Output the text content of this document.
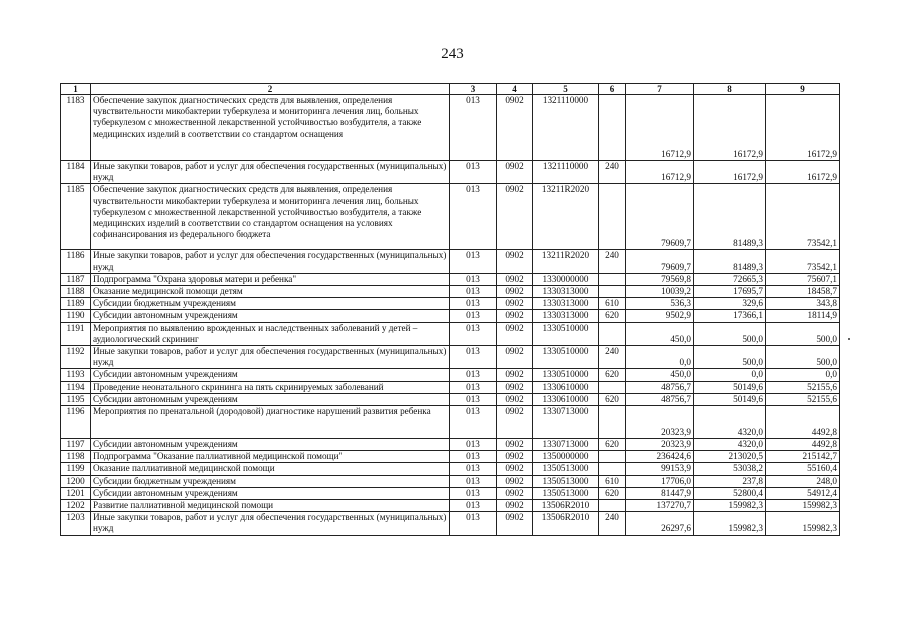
243
1	2	3	4	5	6	7	8	9
1183	Обеспечение закупок диагностических средств для выявления, определения чувствительности микобактерии туберкулеза и мониторинга лечения лиц, больных туберкулезом с множественной лекарственной устойчивостью возбудителя, а также медицинских изделий в соответствии со стандартом оснащения	013	0902	1321110000		16712,9	16172,9	16172,9
1184	Иные закупки товаров, работ и услуг для обеспечения государственных (муниципальных) нужд	013	0902	1321110000	240	16712,9	16172,9	16172,9
1185	Обеспечение закупок диагностических средств для выявления, определения чувствительности микобактерии туберкулеза и мониторинга лечения лиц, больных туберкулезом с множественной лекарственной устойчивостью возбудителя, а также медицинских изделий в соответствии со стандартом оснащения на условиях софинансирования из федерального бюджета	013	0902	13211R2020		79609,7	81489,3	73542,1
1186	Иные закупки товаров, работ и услуг для обеспечения государственных (муниципальных) нужд	013	0902	13211R2020	240	79609,7	81489,3	73542,1
1187	Подпрограмма "Охрана здоровья матери и ребенка"	013	0902	1330000000		79569,8	72665,3	75607,1
1188	Оказание медицинской помощи детям	013	0902	1330313000		10039,2	17695,7	18458,7
1189	Субсидии бюджетным учреждениям	013	0902	1330313000	610	536,3	329,6	343,8
1190	Субсидии автономным учреждениям	013	0902	1330313000	620	9502,9	17366,1	18114,9
1191	Мероприятия по выявлению врожденных и наследственных заболеваний у детей – аудиологический скрининг	013	0902	1330510000		450,0	500,0	500,0
1192	Иные закупки товаров, работ и услуг для обеспечения государственных (муниципальных) нужд	013	0902	1330510000	240	0,0	500,0	500,0
1193	Субсидии автономным учреждениям	013	0902	1330510000	620	450,0	0,0	0,0
1194	Проведение неонатального скрининга на пять скринируемых заболеваний	013	0902	1330610000		48756,7	50149,6	52155,6
1195	Субсидии автономным учреждениям	013	0902	1330610000	620	48756,7	50149,6	52155,6
1196	Мероприятия по пренатальной (дородовой) диагностике нарушений развития ребенка	013	0902	1330713000		20323,9	4320,0	4492,8
1197	Субсидии автономным учреждениям	013	0902	1330713000	620	20323,9	4320,0	4492,8
1198	Подпрограмма "Оказание паллиативной медицинской помощи"	013	0902	1350000000		236424,6	213020,5	215142,7
1199	Оказание паллиативной медицинской помощи	013	0902	1350513000		99153,9	53038,2	55160,4
1200	Субсидии бюджетным учреждениям	013	0902	1350513000	610	17706,0	237,8	248,0
1201	Субсидии автономным учреждениям	013	0902	1350513000	620	81447,9	52800,4	54912,4
1202	Развитие паллиативной медицинской помощи	013	0902	13506R2010		137270,7	159982,3	159982,3
1203	Иные закупки товаров, работ и услуг для обеспечения государственных (муниципальных) нужд	013	0902	13506R2010	240	26297,6	159982,3	159982,3
